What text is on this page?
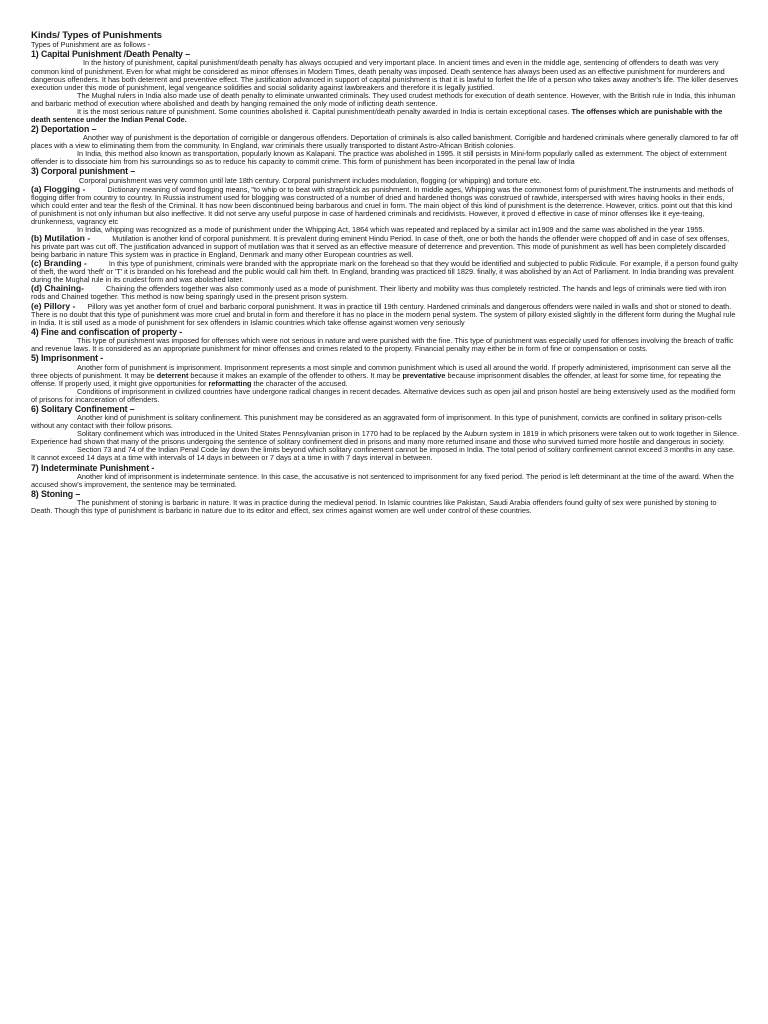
Kinds/ Types of Punishments

Types of Punishment are as follows -

1) Capital Punishment /Death Penalty –

In the history of punishment, capital punishment/death penalty has always occupied and very important place. In ancient times and even in the middle age, sentencing of offenders to death was very common kind of punishment. Even for what might be considered as minor offenses in Modern Times, death penalty was imposed. Death sentence has always been used as an effective punishment for murderers and dangerous offenders. It has both deterrent and preventive effect. The justification advanced in support of capital punishment is that it is lawful to forfeit the life of a person who takes away another's life. The killer deserves execution under this mode of punishment, legal vengeance solidifies and social solidarity against lawbreakers and therefore it is legally justified.

The Mughal rulers in India also made use of death penalty to eliminate unwanted criminals. They used crudest methods for execution of death sentence. However, with the British rule in India, this inhuman and barbaric method of execution where abolished and death by hanging remained the only mode of inflicting death sentence.

It is the most serious nature of punishment. Some countries abolished it. Capital punishment/death penalty awarded in India is certain exceptional cases. The offenses which are punishable with the death sentence under the Indian Penal Code.

2) Deportation –

Another way of punishment is the deportation of corrigible or dangerous offenders. Deportation of criminals is also called banishment. Corrigible and hardened criminals where generally clamored to far off places with a view to eliminating them from the community. In England, war criminals there usually transported to distant Astro-African British colonies.

In India, this method also known as transportation, popularly known as Kalapani. The practice was abolished in 1995. It still persists in Mini-form popularly called as externment. The object of externment offender is to dissociate him from his surroundings so as to reduce his capacity to commit crime. This form of punishment has been incorporated in the penal law of India

3) Corporal punishment –

Corporal punishment was very common until late 18th century. Corporal punishment includes modulation, flogging (or whipping) and torture etc.

(a) Flogging -	Dictionary meaning of word flogging means, "to whip or to beat with strap/stick as punishment. In middle ages, Whipping was the commonest form of punishment.The instruments and methods of flogging differ from country to country. In Russia instrument used for blogging was constructed of a number of dried and hardened thongs was construed of rawhide, interspersed with wires having hooks in their ends, which could enter and tear the flesh of the Criminal. It has now been discontinued being barbarous and cruel in form. The main object of this kind of punishment is the deterrence. However, critics. point out that this kind of punishment is not only inhuman but also ineffective. It did not serve any useful purpose in case of hardened criminals and recidivists. However, it proved d effective in case of minor offenses like it eye-teaing, drunkenness, vagrancy etc

In India, whipping was recognized as a mode of punishment under the Whipping Act, 1864 which was repeated and replaced by a similar act in1909 and the same was abolished in the year 1955.

(b) Mutilation -	Mutilation is another kind of corporal punishment. It is prevalent during eminent Hindu Period. In case of theft, one or both the hands the offender were chopped off and in case of sex offenses, his private part was cut off. The justification advanced in support of mutilation was that it served as an effective measure of deterrence and prevention. This mode of punishment as well has been completely discarded being barbaric in nature This system was in practice in England, Denmark and many other European countries as well.

(c) Branding -	In this type of punishment, criminals were branded with the appropriate mark on the forehead so that they would be identified and subjected to public Ridicule. For example, if a person found guilty of theft, the word 'theft' or 'T' it is branded on his forehead and the public would call him theft. In England, branding was practiced till 1829. finally, it was abolished by an Act of Parliament. In India branding was prevalent during the Mughal rule in its crudest form and was abolished later.

(d) Chaining-	Chaining the offenders together was also commonly used as a mode of punishment. Their liberty and mobility was thus completely restricted. The hands and legs of criminals were tied with iron rods and Chained together. This method is now being sparingly used in the present prison system.

(e) Pillory - Pillory was yet another form of cruel and barbaric corporal punishment. It was in practice till 19th century. Hardened criminals and dangerous offenders were nailed in walls and shot or stoned to death. There is no doubt that this type of punishment was more cruel and brutal in form and therefore it has no place in the modern penal system. The system of pillory existed slightly in the different form during the Mughal rule in India. It is still used as a mode of punishment for sex offenders in Islamic countries which take offense against women very seriously

4) Fine and confiscation of property -

This type of punishment was imposed for offenses which were not serious in nature and were punished with the fine. This type of punishment was especially used for offenses involving the breach of traffic and revenue laws. It is considered as an appropriate punishment for minor offenses and crimes related to the property. Financial penalty may either be in form of fine or compensation or costs.

5) Imprisonment -

Another form of punishment is imprisonment. Imprisonment represents a most simple and common punishment which is used all around the world. If properly administered, imprisonment can serve all the three objects of punishment. It may be deterrent because it makes an example of the offender to others. It may be preventative because imprisonment disables the offender, at least for some time, for repeating the offense. If properly used, it might give opportunities for reformatting the character of the accused.

Conditions of imprisonment in civilized countries have undergone radical changes in recent decades. Alternative devices such as open jail and prison hostel are being extensively used as the modified form of prisons for incarceration of offenders.

6) Solitary Confinement –

Another kind of punishment is solitary confinement. This punishment may be considered as an aggravated form of imprisonment. In this type of punishment, convicts are confined in solitary prison-cells without any contact with their follow prisons.

Solitary confinement which was introduced in the United States Pennsylvanian prison in 1770 had to be replaced by the Auburn system in 1819 in which prisoners were taken out to work together in Silence. Experience had shown that many of the prisons undergoing the sentence of solitary confinement died in prisons and many more returned insane and those who survived turned more hostile and dangerous in society.

Section 73 and 74 of the Indian Penal Code lay down the limits beyond which solitary confinement cannot be imposed in India. The total period of solitary confinement cannot exceed 3 months in any case. It cannot exceed 14 days at a time with intervals of 14 days in between or 7 days at a time in with 7 days interval in between.

7) Indeterminate Punishment -

Another kind of imprisonment is indeterminate sentence. In this case, the accusative is not sentenced to imprisonment for any fixed period. The period is left determinant at the time of the award. When the accused show's improvement, the sentence may be terminated.

8) Stoning –

The punishment of stoning is barbaric in nature. It was in practice during the medieval period. In Islamic countries like Pakistan, Saudi Arabia offenders found guilty of sex were punished by stoning to Death. Though this type of punishment is barbaric in nature due to its editor and effect, sex crimes against women are well under control of these countries.
